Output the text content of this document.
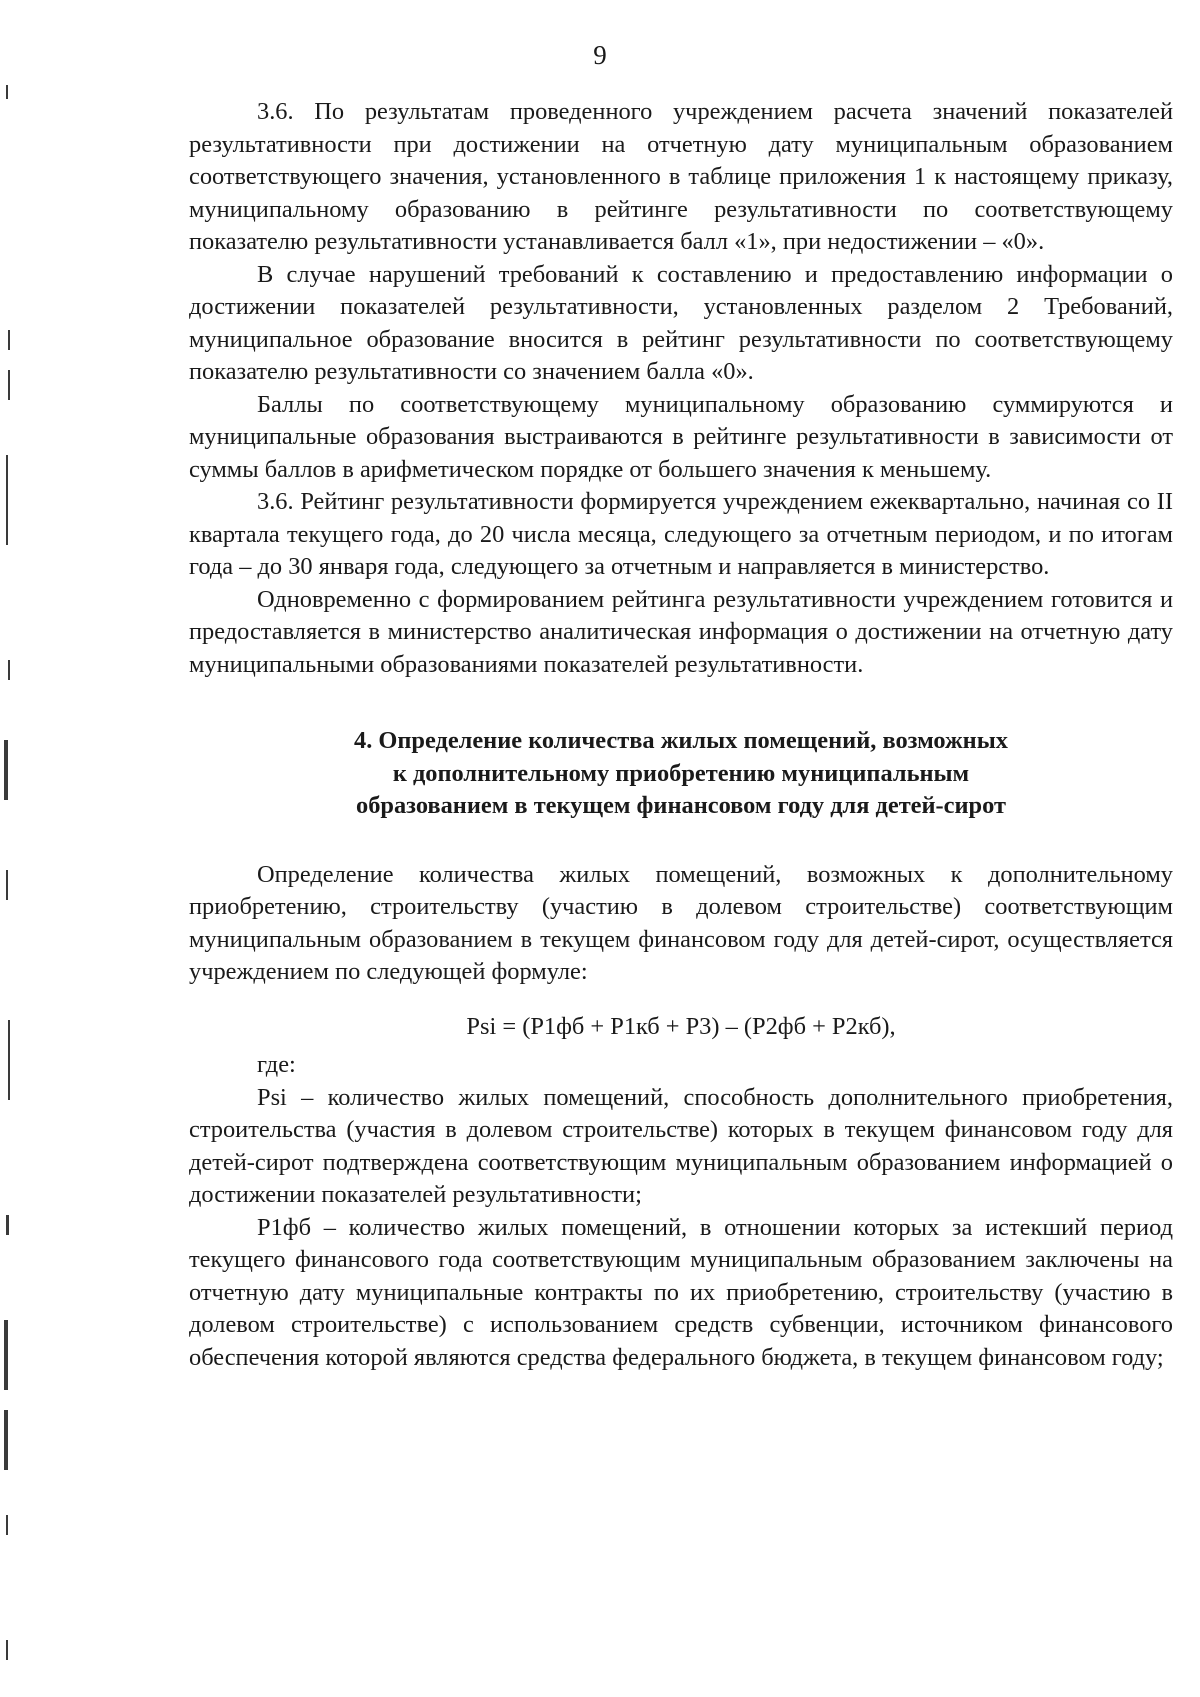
9

3.6. По результатам проведенного учреждением расчета значений показателей результативности при достижении на отчетную дату муниципальным образованием соответствующего значения, установленного в таблице приложения 1 к настоящему приказу, муниципальному образованию в рейтинге результативности по соответствующему показателю результативности устанавливается балл «1», при недостижении – «0».

В случае нарушений требований к составлению и предоставлению информации о достижении показателей результативности, установленных разделом 2 Требований, муниципальное образование вносится в рейтинг результативности по соответствующему показателю результативности со значением балла «0».

Баллы по соответствующему муниципальному образованию суммируются и муниципальные образования выстраиваются в рейтинге результативности в зависимости от суммы баллов в арифметическом порядке от большего значения к меньшему.

3.6. Рейтинг результативности формируется учреждением ежеквартально, начиная со II квартала текущего года, до 20 числа месяца, следующего за отчетным периодом, и по итогам года – до 30 января года, следующего за отчетным и направляется в министерство.

Одновременно с формированием рейтинга результативности учреждением готовится и предоставляется в министерство аналитическая информация о достижении на отчетную дату муниципальными образованиями показателей результативности.

4. Определение количества жилых помещений, возможных
к дополнительному приобретению муниципальным
образованием в текущем финансовом году для детей-сирот

Определение количества жилых помещений, возможных к дополнительному приобретению, строительству (участию в долевом строительстве) соответствующим муниципальным образованием в текущем финансовом году для детей-сирот, осуществляется учреждением по следующей формуле:

Psi = (P1фб + P1кб + P3) – (P2фб + P2кб),

где:

Psi – количество жилых помещений, способность дополнительного приобретения, строительства (участия в долевом строительстве) которых в текущем финансовом году для детей-сирот подтверждена соответствующим муниципальным образованием информацией о достижении показателей результативности;

P1фб – количество жилых помещений, в отношении которых за истекший период текущего финансового года соответствующим муниципальным образованием заключены на отчетную дату муниципальные контракты по их приобретению, строительству (участию в долевом строительстве) с использованием средств субвенции, источником финансового обеспечения которой являются средства федерального бюджета, в текущем финансовом году;
